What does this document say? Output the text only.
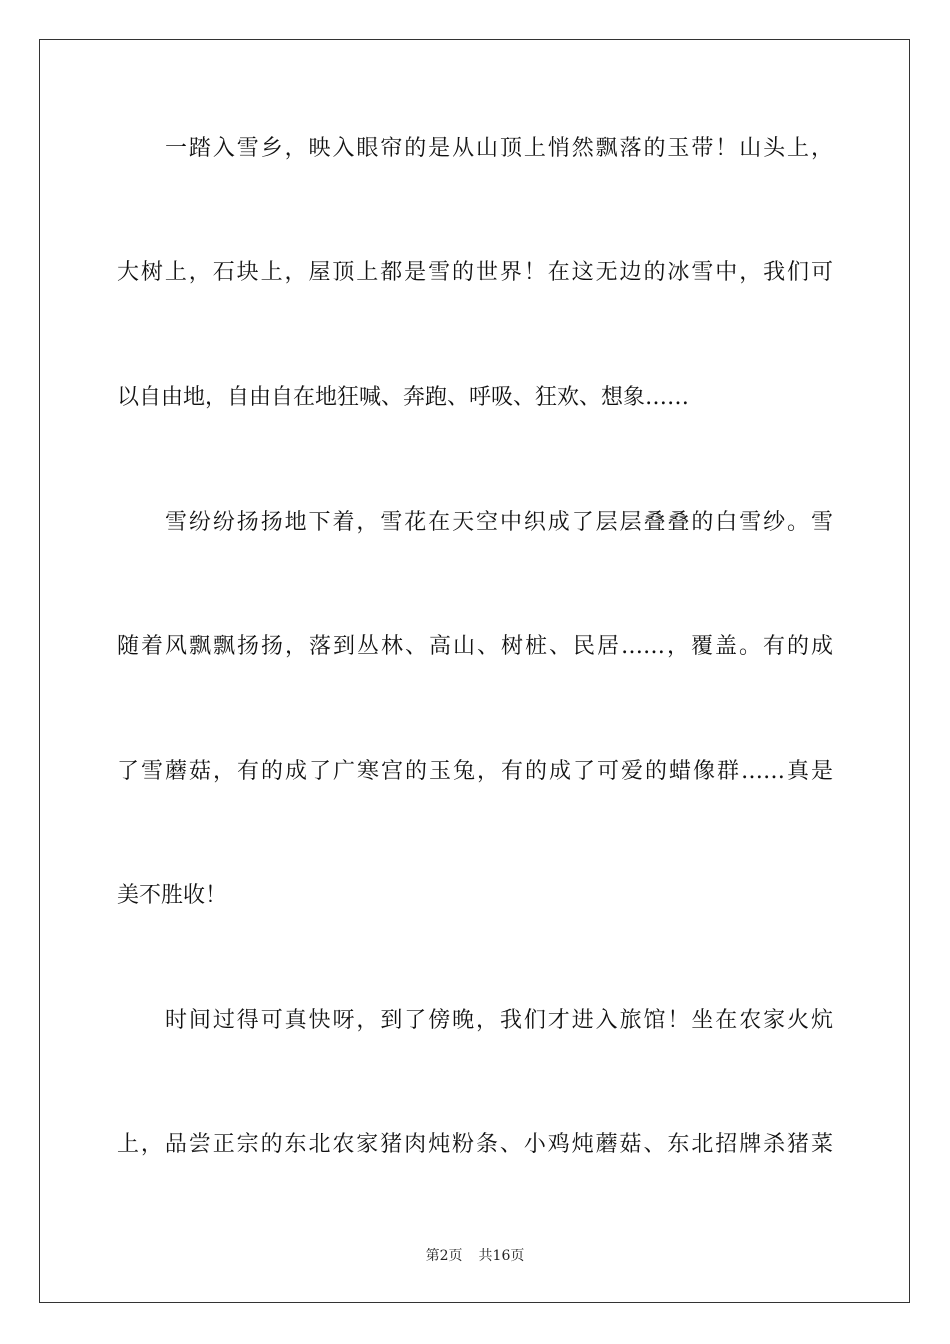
一踏入雪乡，映入眼帘的是从山顶上悄然飘落的玉带！山头上，

大树上，石块上，屋顶上都是雪的世界！在这无边的冰雪中，我们可

以自由地，自由自在地狂喊、奔跑、呼吸、狂欢、想象……

雪纷纷扬扬地下着，雪花在天空中织成了层层叠叠的白雪纱。雪

随着风飘飘扬扬，落到丛林、高山、树桩、民居……，覆盖。有的成

了雪蘑菇，有的成了广寒宫的玉兔，有的成了可爱的蜡像群……真是

美不胜收！

时间过得可真快呀，到了傍晚，我们才进入旅馆！坐在农家火炕

上，品尝正宗的东北农家猪肉炖粉条、小鸡炖蘑菇、东北招牌杀猪菜

第2页 共16页
